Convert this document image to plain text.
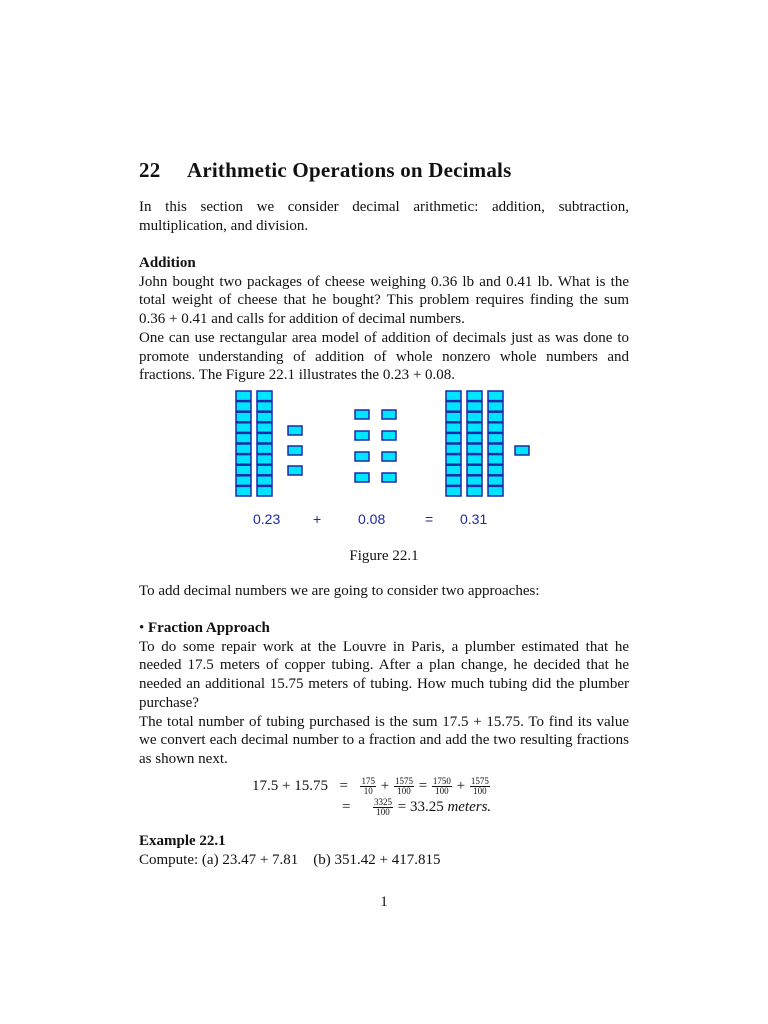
22 Arithmetic Operations on Decimals

In this section we consider decimal arithmetic: addition, subtraction, multiplication, and division.

Addition
John bought two packages of cheese weighing 0.36 lb and 0.41 lb. What is the total weight of cheese that he bought? This problem requires finding the sum 0.36 + 0.41 and calls for addition of decimal numbers.
One can use rectangular area model of addition of decimals just as was done to promote understanding of addition of whole nonzero whole numbers and fractions. The Figure 22.1 illustrates the 0.23 + 0.08.
0.23 +	0.08	= 0.31
Figure 22.1

To add decimal numbers we are going to consider two approaches:

• Fraction Approach
To do some repair work at the Louvre in Paris, a plumber estimated that he needed 17.5 meters of copper tubing. After a plan change, he decided that he needed an additional 15.75 meters of tubing. How much tubing did the plumber purchase?
The total number of tubing purchased is the sum 17.5 + 15.75. To find its value we convert each decimal number to a fraction and add the two resulting fractions as shown next.
$17.5 + 15.75 = \frac{175}{10} + \frac{1575}{100} = \frac{1750}{100} + \frac{1575}{100}$
=	$\frac{3325}{100} = 33.25$ meters.
Example 22.1
Compute: (a) 23.47 + 7.81    (b) 351.42 + 417.815
1
